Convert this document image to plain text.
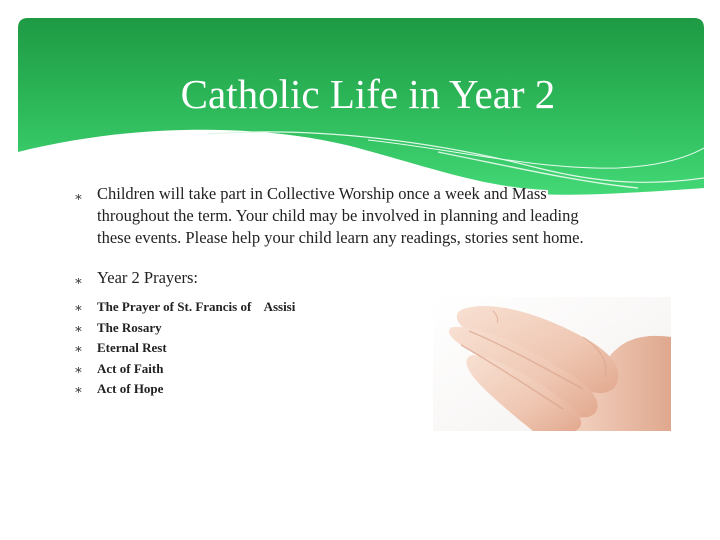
Catholic Life in Year 2
∗ Children will take part in Collective Worship once a week and Mass throughout the term. Your child may be involved in planning and leading these events. Please help your child learn any readings, stories sent home.
∗ Year 2 Prayers:
∗ The Prayer of St. Francis of    Assisi
∗ The Rosary
∗ Eternal Rest
∗ Act of Faith
∗ Act of Hope
